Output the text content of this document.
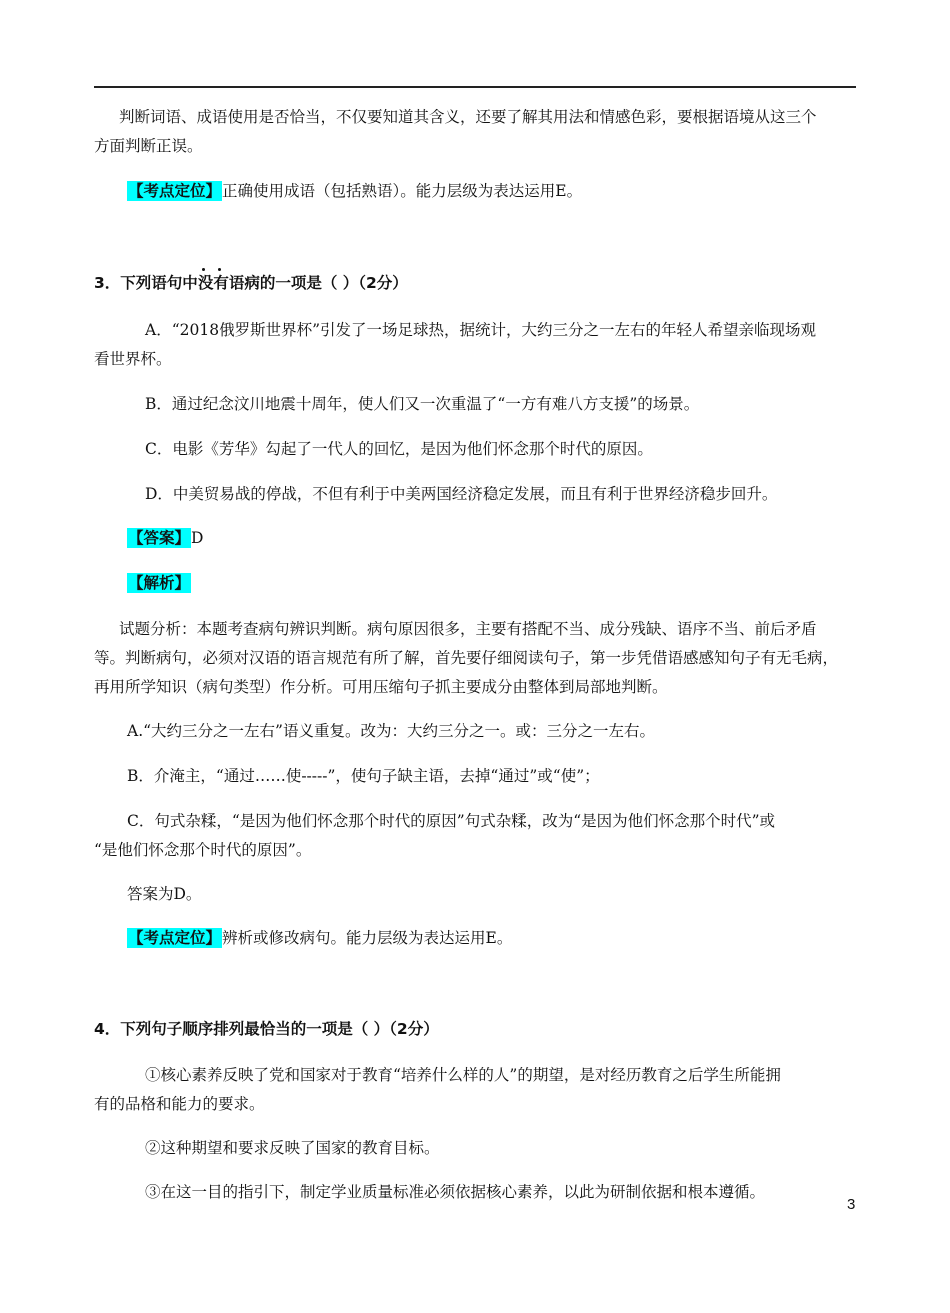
判断词语、成语使用是否恰当，不仅要知道其含义，还要了解其用法和情感色彩，要根据语境从这三个
方面判断正误。
【考点定位】正确使用成语（包括熟语）。能力层级为表达运用E。
3．下列语句中没有语病的一项是（ ）（2分）
A．“2018俄罗斯世界杯”引发了一场足球热，据统计，大约三分之一左右的年轻人希望亲临现场观
看世界杯。
B．通过纪念汶川地震十周年，使人们又一次重温了“一方有难八方支援”的场景。
C．电影《芳华》勾起了一代人的回忆，是因为他们怀念那个时代的原因。
D．中美贸易战的停战，不但有利于中美两国经济稳定发展，而且有利于世界经济稳步回升。
【答案】D
【解析】
试题分析：本题考查病句辨识判断。病句原因很多，主要有搭配不当、成分残缺、语序不当、前后矛盾
等。判断病句，必须对汉语的语言规范有所了解，首先要仔细阅读句子，第一步凭借语感感知句子有无毛病，
再用所学知识（病句类型）作分析。可用压缩句子抓主要成分由整体到局部地判断。
A.“大约三分之一左右”语义重复。改为：大约三分之一。或：三分之一左右。
B．介淹主，“通过……使-----”，使句子缺主语，去掉“通过”或“使”；
C．句式杂糅，“是因为他们怀念那个时代的原因”句式杂糅，改为“是因为他们怀念那个时代”或
“是他们怀念那个时代的原因”。
答案为D。
【考点定位】辨析或修改病句。能力层级为表达运用E。
4．下列句子顺序排列最恰当的一项是（ ）（2分）
①核心素养反映了党和国家对于教育“培养什么样的人”的期望，是对经历教育之后学生所能拥
有的品格和能力的要求。
②这种期望和要求反映了国家的教育目标。
③在这一目的指引下，制定学业质量标准必须依据核心素养，以此为研制依据和根本遵循。
3
